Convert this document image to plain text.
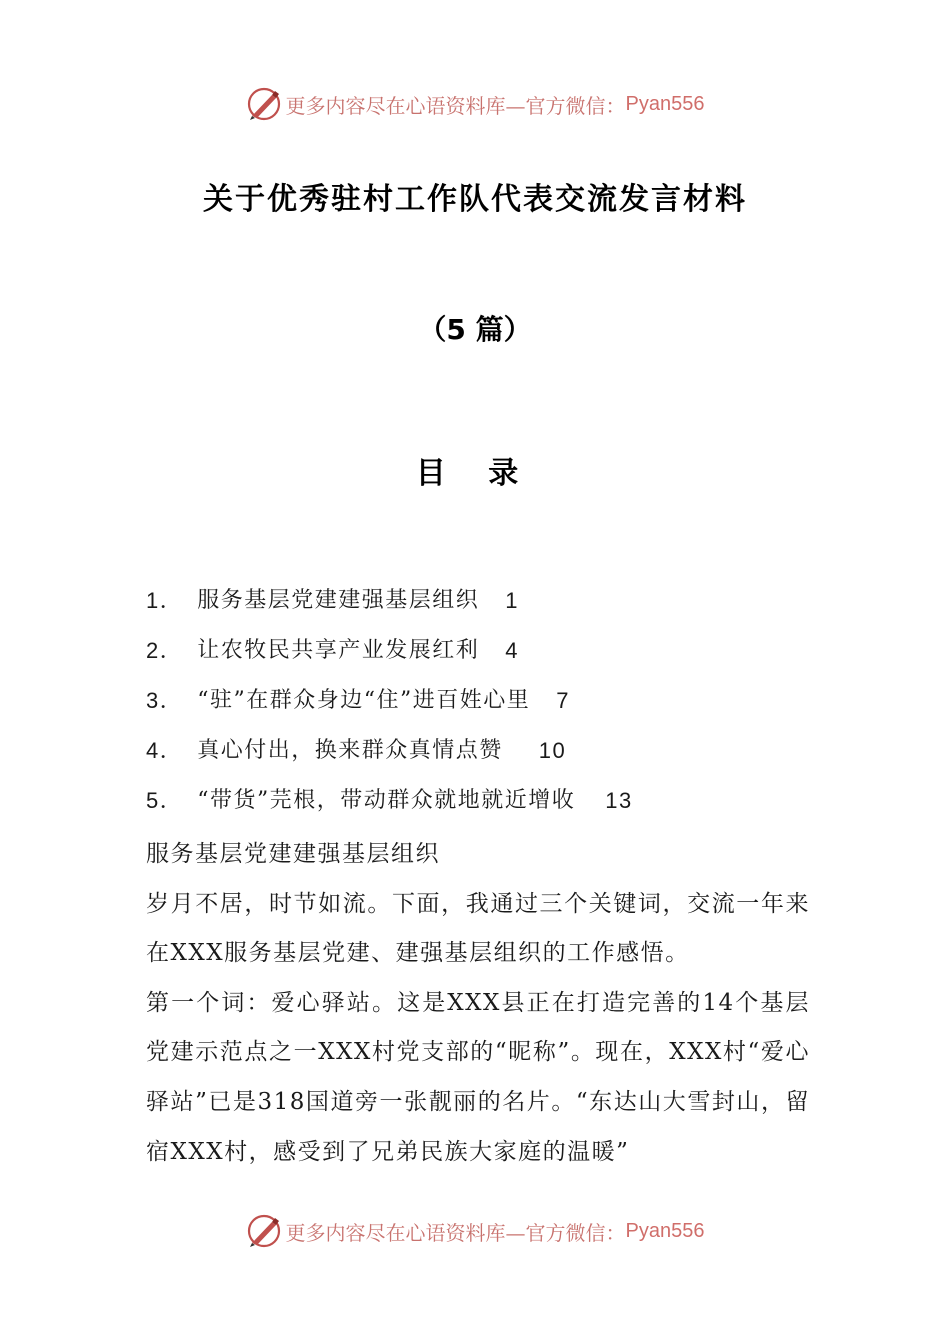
更多内容尽在心语资料库—官方微信： Pyan556
关于优秀驻村工作队代表交流发言材料
（5 篇）
目 录
1． 服务基层党建建强基层组织 1
2． 让农牧民共享产业发展红利 4
3． “驻”在群众身边“住”进百姓心里 7
4． 真心付出，换来群众真情点赞 10
5． “带货”芫根，带动群众就地就近增收 13

服务基层党建建强基层组织

岁月不居，时节如流。下面，我通过三个关键词，交流一年来在XXX服务基层党建、建强基层组织的工作感悟。

第一个词：爱心驿站。这是XXX县正在打造完善的14个基层党建示范点之一XXX村党支部的“昵称”。现在，XXX村“爱心驿站”已是318国道旁一张靓丽的名片。“东达山大雪封山，留宿XXX村，感受到了兄弟民族大家庭的温暖”

更多内容尽在心语资料库—官方微信： Pyan556
